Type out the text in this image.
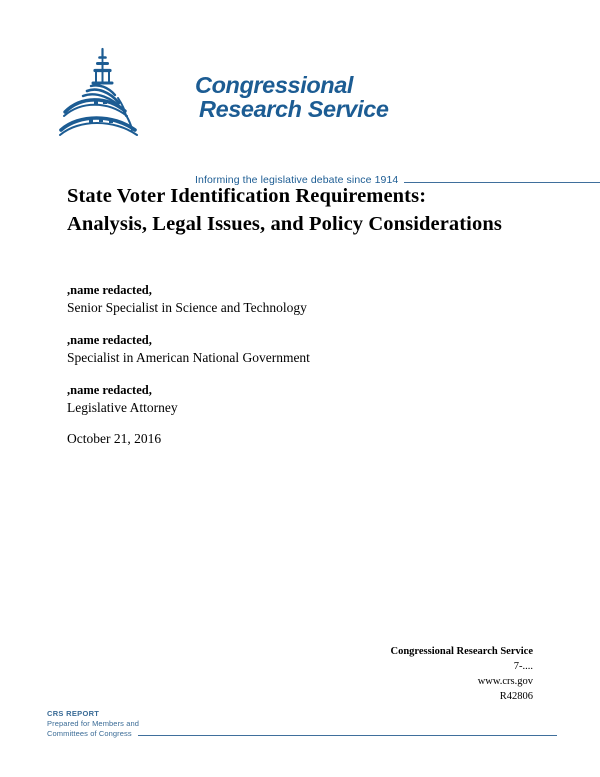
Congressional
Research Service
Informing the legislative debate since 1914
State Voter Identification Requirements: Analysis, Legal Issues, and Policy Considerations
,name redacted,
Senior Specialist in Science and Technology
,name redacted,
Specialist in American National Government
,name redacted,
Legislative Attorney
October 21, 2016
Congressional Research Service
7-....
www.crs.gov
R42806
CRS REPORT
Prepared for Members and
Committees of Congress
